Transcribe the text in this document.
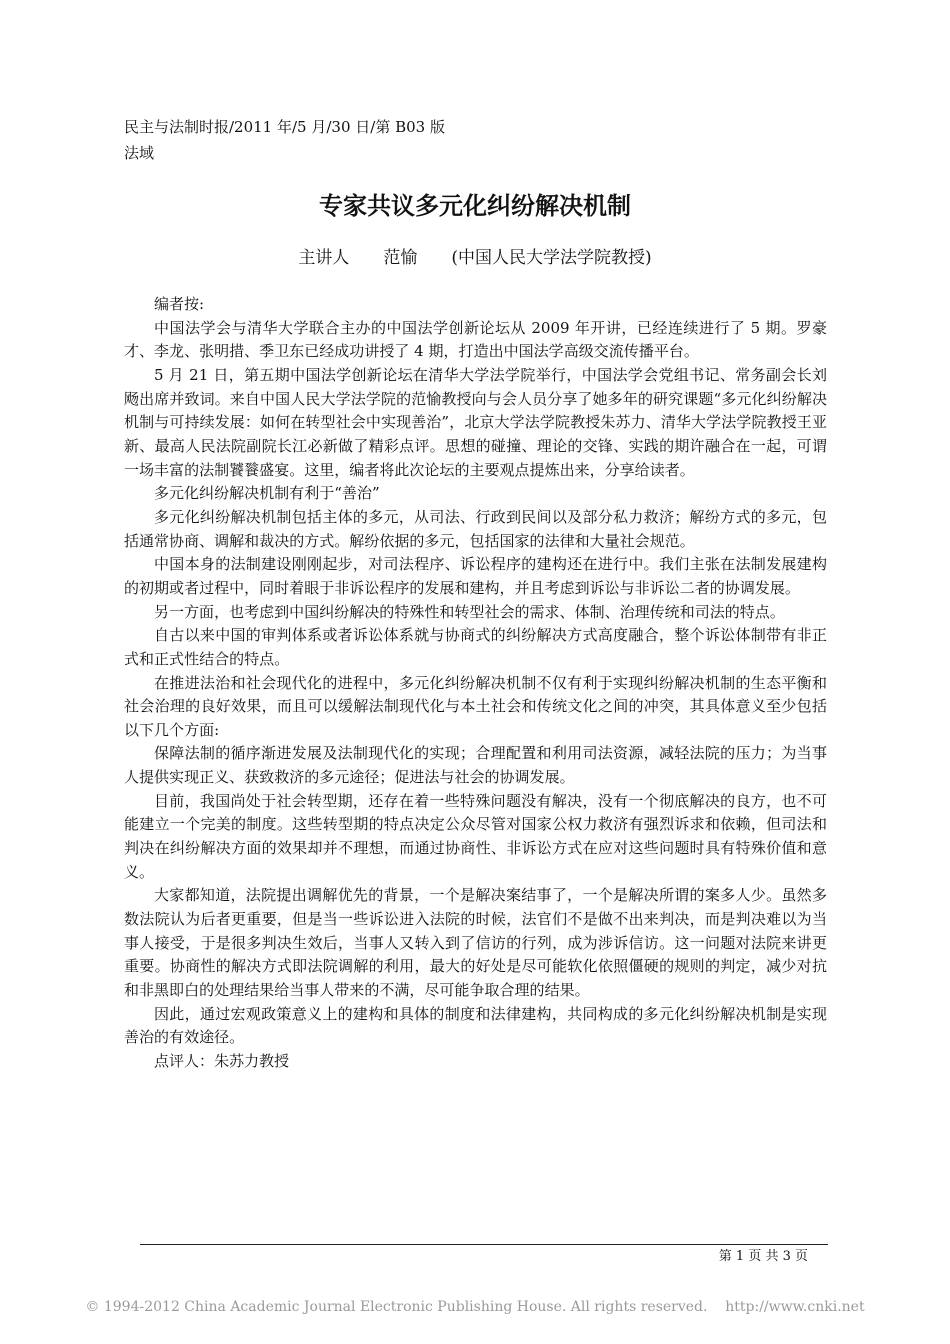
民主与法制时报/2011 年/5 月/30 日/第 B03 版
法域
专家共议多元化纠纷解决机制
主讲人　　范愉　　(中国人民大学法学院教授)

编者按:

中国法学会与清华大学联合主办的中国法学创新论坛从 2009 年开讲，已经连续进行了 5 期。罗豪才、李龙、张明措、季卫东已经成功讲授了 4 期，打造出中国法学高级交流传播平台。

5 月 21 日，第五期中国法学创新论坛在清华大学法学院举行，中国法学会党组书记、常务副会长刘飏出席并致词。来自中国人民大学法学院的范愉教授向与会人员分享了她多年的研究课题“多元化纠纷解决机制与可持续发展：如何在转型社会中实现善治”，北京大学法学院教授朱苏力、清华大学法学院教授王亚新、最高人民法院副院长江必新做了精彩点评。思想的碰撞、理论的交锋、实践的期许融合在一起，可谓一场丰富的法制饕餮盛宴。这里，编者将此次论坛的主要观点提炼出来，分享给读者。

多元化纠纷解决机制有利于“善治”

多元化纠纷解决机制包括主体的多元，从司法、行政到民间以及部分私力救济；解纷方式的多元，包括通常协商、调解和裁决的方式。解纷依据的多元，包括国家的法律和大量社会规范。

中国本身的法制建设刚刚起步，对司法程序、诉讼程序的建构还在进行中。我们主张在法制发展建构的初期或者过程中，同时着眼于非诉讼程序的发展和建构，并且考虑到诉讼与非诉讼二者的协调发展。

另一方面，也考虑到中国纠纷解决的特殊性和转型社会的需求、体制、治理传统和司法的特点。

自古以来中国的审判体系或者诉讼体系就与协商式的纠纷解决方式高度融合，整个诉讼体制带有非正式和正式性结合的特点。

在推进法治和社会现代化的进程中，多元化纠纷解决机制不仅有利于实现纠纷解决机制的生态平衡和社会治理的良好效果，而且可以缓解法制现代化与本土社会和传统文化之间的冲突，其具体意义至少包括以下几个方面:

保障法制的循序渐进发展及法制现代化的实现；合理配置和利用司法资源，减轻法院的压力；为当事人提供实现正义、获致救济的多元途径；促进法与社会的协调发展。

目前，我国尚处于社会转型期，还存在着一些特殊问题没有解决，没有一个彻底解决的良方，也不可能建立一个完美的制度。这些转型期的特点决定公众尽管对国家公权力救济有强烈诉求和依赖，但司法和判决在纠纷解决方面的效果却并不理想，而通过协商性、非诉讼方式在应对这些问题时具有特殊价值和意义。

大家都知道，法院提出调解优先的背景，一个是解决案结事了，一个是解决所谓的案多人少。虽然多数法院认为后者更重要，但是当一些诉讼进入法院的时候，法官们不是做不出来判决，而是判决难以为当事人接受，于是很多判决生效后，当事人又转入到了信访的行列，成为涉诉信访。这一问题对法院来讲更重要。协商性的解决方式即法院调解的利用，最大的好处是尽可能软化依照僵硬的规则的判定，减少对抗和非黑即白的处理结果给当事人带来的不满，尽可能争取合理的结果。

因此，通过宏观政策意义上的建构和具体的制度和法律建构，共同构成的多元化纠纷解决机制是实现善治的有效途径。

点评人：朱苏力教授

第 1 页 共 3 页
© 1994-2012 China Academic Journal Electronic Publishing House. All rights reserved.    http://www.cnki.net
